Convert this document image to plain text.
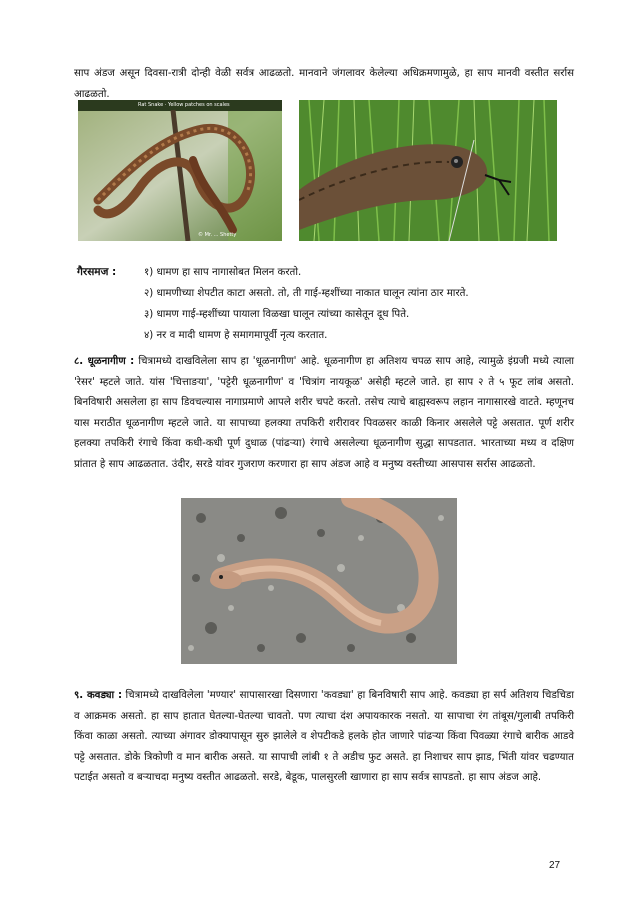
साप अंडज असून दिवसा-रात्री दोन्ही वेळी सर्वत्र आढळतो. मानवाने जंगलावर केलेल्या अधिक्रमणामुळे, हा साप मानवी वस्तीत सर्रास आढळतो.

Rat Snake · Yellow patches on scales
© Mr. ... Shetty
गैरसमज :	१) धामण हा साप नागासोबत मिलन करतो.
२) धामणीच्या शेपटीत काटा असतो. तो, ती गाई-म्हशींच्या नाकात घालून त्यांना ठार मारते.
३) धामण गाई-म्हशींच्या पायाला विळखा घालून त्यांच्या कासेतून दूध पिते.
४) नर व मादी धामण हे समागमापूर्वी नृत्य करतात.

८. धूळनागीण : चित्रामध्ये दाखविलेला साप हा 'धूळनागीण' आहे. धूळनागीण हा अतिशय चपळ साप आहे, त्यामुळे इंग्रजी मध्ये त्याला 'रेसर' म्हटले जाते. यांस 'चित्ताङया', 'पट्टेरी धूळनागीण' व 'चित्रांग नायकूळ' असेही म्हटले जाते. हा साप २ ते ५ फूट लांब असतो. बिनविषारी असलेला हा साप डिवचल्यास नागाप्रमाणे आपले शरीर चपटे करतो. तसेच त्याचे बाह्यस्वरूप लहान नागासारखे वाटते. म्हणूनच यास मराठीत धूळनागीण म्हटले जाते. या सापाच्या हलक्या तपकिरी शरीरावर पिवळसर काळी किनार असलेले पट्टे असतात. पूर्ण शरीर हलक्या तपकिरी रंगाचे किंवा कधी-कधी पूर्ण दुधाळ (पांढऱ्या) रंगाचे असलेल्या धूळनागीण सुद्धा सापडतात. भारताच्या मध्य व दक्षिण प्रांतात हे साप आढळतात. उंदीर, सरडे यांवर गुजराण करणारा हा साप अंडज आहे व मनुष्य वस्तीच्या आसपास सर्रास आढळतो.

९. कवड्या : चित्रामध्ये दाखविलेला 'मण्यार' सापासारखा दिसणारा 'कवड्या' हा बिनविषारी साप आहे. कवड्या हा सर्प अतिशय चिडचिडा व आक्रमक असतो. हा साप हातात घेतल्या-घेतल्या चावतो. पण त्याचा दंश अपायकारक नसतो. या सापाचा रंग तांबूस/गुलाबी तपकिरी किंवा काळा असतो. त्याच्या अंगावर डोक्यापासून सुरु झालेले व शेपटीकडे हलके होत जाणारे पांढऱ्या किंवा पिवळ्या रंगाचे बारीक आडवे पट्टे असतात. डोके त्रिकोणी व मान बारीक असते. या सापाची लांबी १ ते अडीच फुट असते. हा निशाचर साप झाड, भिंती यांवर चढण्यात पटाईत असतो व बऱ्याचदा मनुष्य वस्तीत आढळतो. सरडे, बेडूक, पालसुरली खाणारा हा साप सर्वत्र सापडतो. हा साप अंडज आहे.

27
